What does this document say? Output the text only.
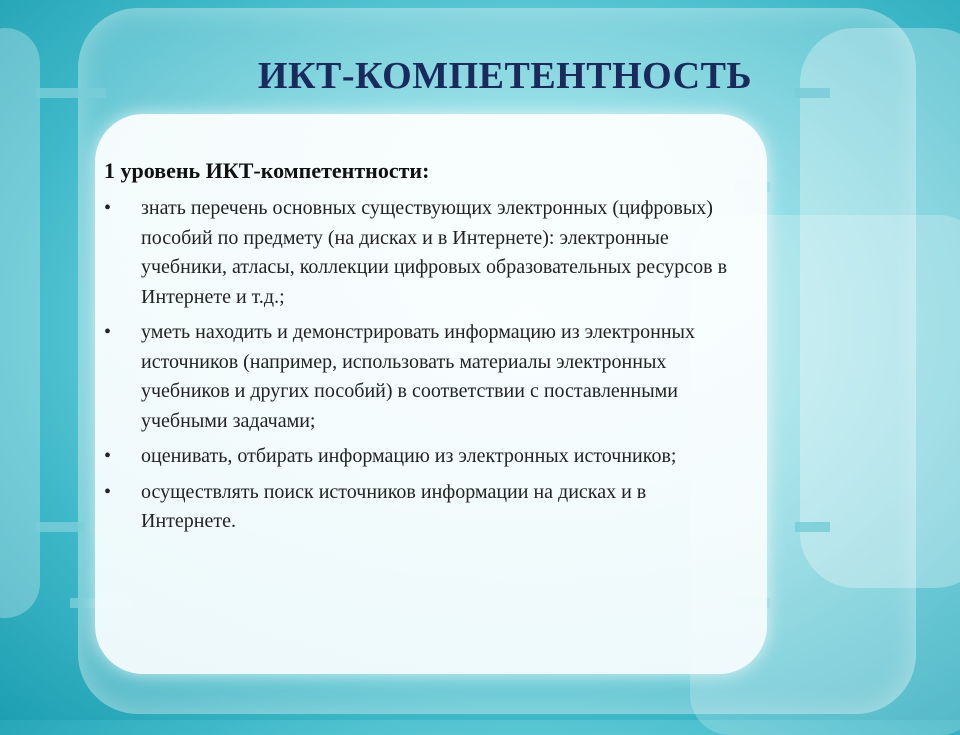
ИКТ-КОМПЕТЕНТНОСТЬ
1 уровень ИКТ-компетентности:
•	знать перечень основных существующих электронных (цифровых) пособий по предмету (на дисках и в Интернете): электронные учебники, атласы, коллекции цифровых образовательных ресурсов в Интернете и т.д.;
•	уметь находить и демонстрировать информацию из электронных источников (например, использовать материалы электронных учебников и других пособий) в соответствии с поставленными учебными задачами;
•	оценивать, отбирать информацию из электронных источников;
•	осуществлять поиск источников информации на дисках и в Интернете.
